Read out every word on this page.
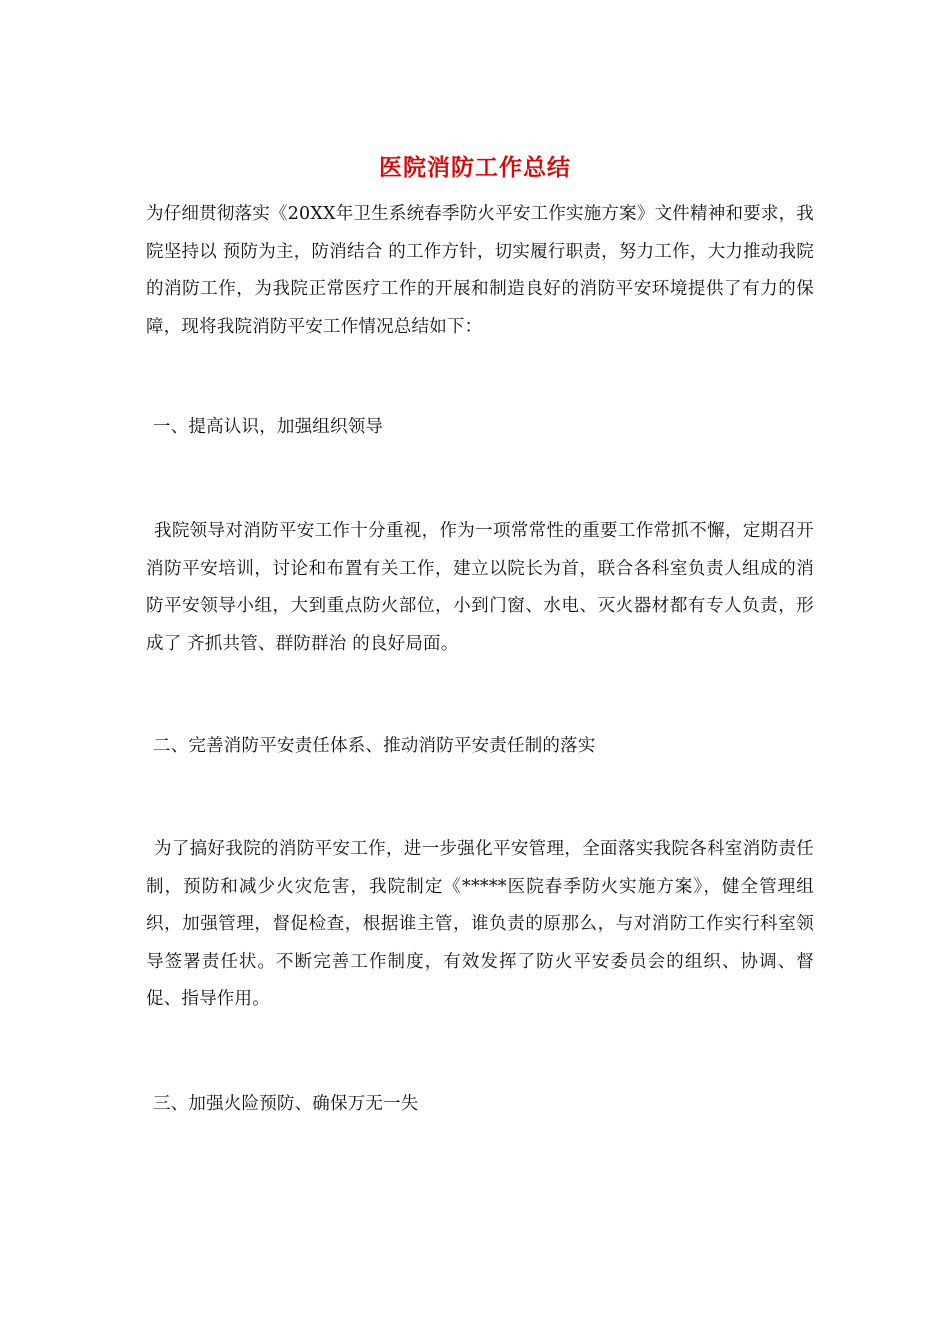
医院消防工作总结
为仔细贯彻落实《20XX年卫生系统春季防火平安工作实施方案》文件精神和要求，我院坚持以 预防为主，防消结合 的工作方针，切实履行职责，努力工作，大力推动我院的消防工作，为我院正常医疗工作的开展和制造良好的消防平安环境提供了有力的保障，现将我院消防平安工作情况总结如下：
一、提高认识，加强组织领导
我院领导对消防平安工作十分重视，作为一项常常性的重要工作常抓不懈，定期召开消防平安培训，讨论和布置有关工作，建立以院长为首，联合各科室负责人组成的消防平安领导小组，大到重点防火部位，小到门窗、水电、灭火器材都有专人负责，形成了 齐抓共管、群防群治 的良好局面。
二、完善消防平安责任体系、推动消防平安责任制的落实
为了搞好我院的消防平安工作，进一步强化平安管理，全面落实我院各科室消防责任制，预防和减少火灾危害，我院制定《*****医院春季防火实施方案》，健全管理组织，加强管理，督促检查，根据谁主管，谁负责的原那么，与对消防工作实行科室领导签署责任状。不断完善工作制度，有效发挥了防火平安委员会的组织、协调、督促、指导作用。
三、加强火险预防、确保万无一失
